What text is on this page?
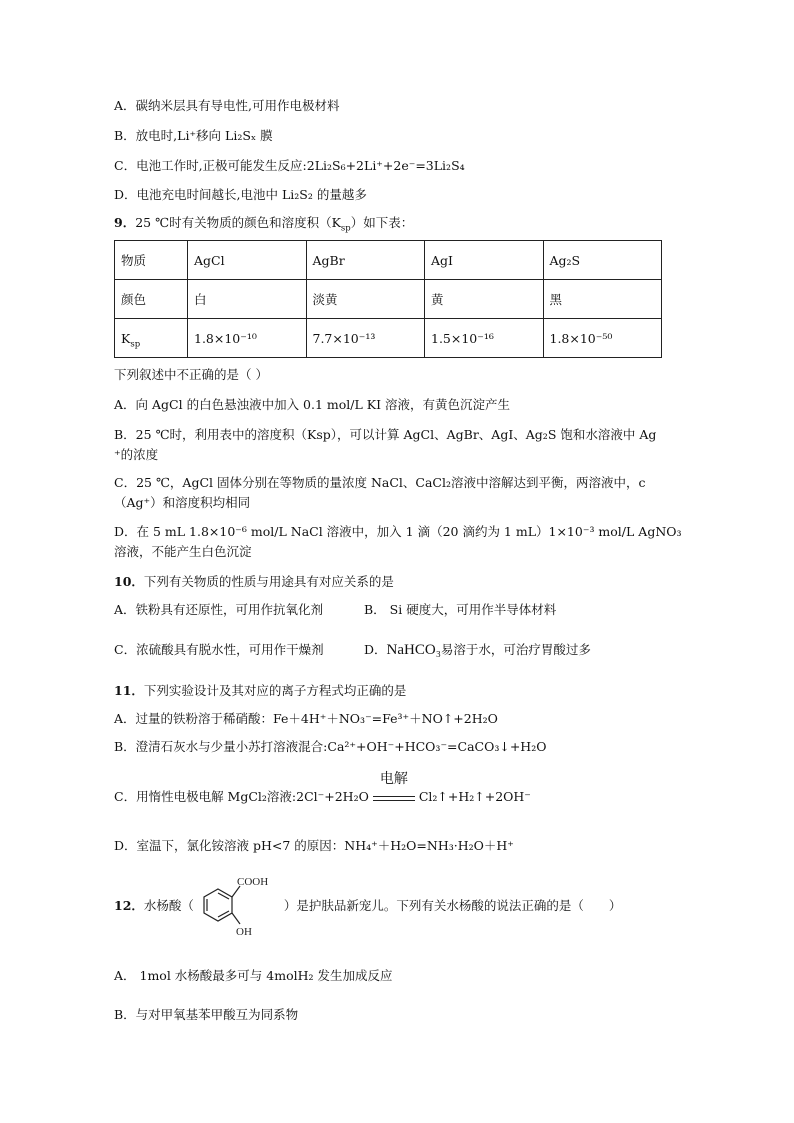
A．碳纳米层具有导电性,可用作电极材料
B．放电时,Li⁺移向 Li₂Sₓ 膜
C．电池工作时,正极可能发生反应:2Li₂S₆+2Li⁺+2e⁻=3Li₂S₄
D．电池充电时间越长,电池中 Li₂S₂ 的量越多
9．25 ℃时有关物质的颜色和溶度积$(K_{sp})$如下表：
物质	AgCl	AgBr	AgI	Ag₂S
颜色	白	淡黄	黄	黑
$K_{sp}$	1.8×10⁻¹⁰	7.7×10⁻¹³	1.5×10⁻¹⁶	1.8×10⁻⁵⁰
下列叙述中不正确的是（ ）
A．向 AgCl 的白色悬浊液中加入 0.1 mol/L KI 溶液，有黄色沉淀产生
B．25 ℃时，利用表中的溶度积（Ksp），可以计算 AgCl、AgBr、AgI、Ag₂S 饱和水溶液中 Ag
⁺的浓度
C．25 ℃，AgCl 固体分别在等物质的量浓度 NaCl、CaCl₂溶液中溶解达到平衡，两溶液中，c
（Ag⁺）和溶度积均相同
D．在 5 mL 1.8×10⁻⁶ mol/L NaCl 溶液中，加入 1 滴（20 滴约为 1 mL）1×10⁻³ mol/L AgNO₃
溶液，不能产生白色沉淀
10．下列有关物质的性质与用途具有对应关系的是
A．铁粉具有还原性，可用作抗氧化剂	B． Si 硬度大，可用作半导体材料
C．浓硫酸具有脱水性，可用作干燥剂	D．NaHCO₃易溶于水，可治疗胃酸过多
11．下列实验设计及其对应的离子方程式均正确的是
A．过量的铁粉溶于稀硝酸：Fe＋4H⁺＋NO₃⁻=Fe³⁺＋NO↑+2H₂O
B．澄清石灰水与少量小苏打溶液混合:Ca²⁺+OH⁻+HCO₃⁻=CaCO₃↓+H₂O
C．用惰性电极电解 MgCl₂溶液:2Cl⁻+2H₂O
电解
Cl₂↑+H₂↑+2OH⁻
D．室温下，氯化铵溶液 pH<7 的原因：NH₄⁺＋H₂O=NH₃·H₂O＋H⁺
12．水杨酸（	）是护肤品新宠儿。下列有关水杨酸的说法正确的是（　　）
COOH
OH
A． 1mol 水杨酸最多可与 4molH₂ 发生加成反应
B．与对甲氧基苯甲酸互为同系物
